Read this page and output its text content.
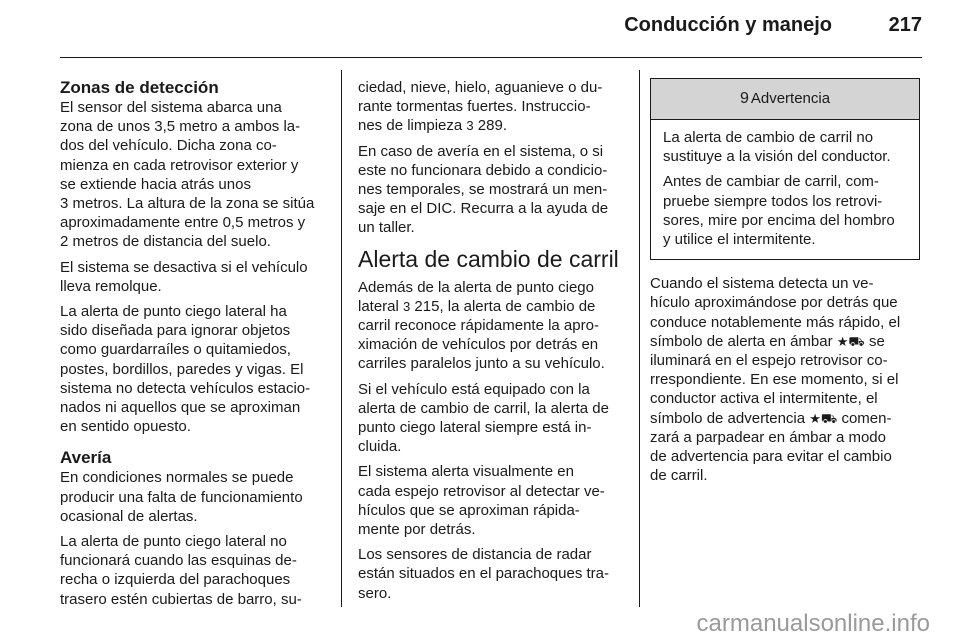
Conducción y manejo	217
Zonas de detección

El sensor del sistema abarca una
zona de unos 3,5 metro a ambos la-
dos del vehículo. Dicha zona co-
mienza en cada retrovisor exterior y
se extiende hacia atrás unos
3 metros. La altura de la zona se sitúa
aproximadamente entre 0,5 metros y
2 metros de distancia del suelo.

El sistema se desactiva si el vehículo
lleva remolque.

La alerta de punto ciego lateral ha
sido diseñada para ignorar objetos
como guardarraíles o quitamiedos,
postes, bordillos, paredes y vigas. El
sistema no detecta vehículos estacio-
nados ni aquellos que se aproximan
en sentido opuesto.

Avería

En condiciones normales se puede
producir una falta de funcionamiento
ocasional de alertas.

La alerta de punto ciego lateral no
funcionará cuando las esquinas de-
recha o izquierda del parachoques
trasero estén cubiertas de barro, su-

ciedad, nieve, hielo, aguanieve o du-
rante tormentas fuertes. Instruccio-
nes de limpieza 3 289.

En caso de avería en el sistema, o si
este no funcionara debido a condicio-
nes temporales, se mostrará un men-
saje en el DIC. Recurra a la ayuda de
un taller.

Alerta de cambio de carril

Además de la alerta de punto ciego
lateral 3 215, la alerta de cambio de
carril reconoce rápidamente la apro-
ximación de vehículos por detrás en
carriles paralelos junto a su vehículo.

Si el vehículo está equipado con la
alerta de cambio de carril, la alerta de
punto ciego lateral siempre está in-
cluida.

El sistema alerta visualmente en
cada espejo retrovisor al detectar ve-
hículos que se aproximan rápida-
mente por detrás.

Los sensores de distancia de radar
están situados en el parachoques tra-
sero.

9 Advertencia

La alerta de cambio de carril no
sustituye a la visión del conductor.

Antes de cambiar de carril, com-
pruebe siempre todos los retrovi-
sores, mire por encima del hombro
y utilice el intermitente.

Cuando el sistema detecta un ve-
hículo aproximándose por detrás que
conduce notablemente más rápido, el
símbolo de alerta en ámbar ★⛟ se
iluminará en el espejo retrovisor co-
rrespondiente. En ese momento, si el
conductor activa el intermitente, el
símbolo de advertencia ★⛟ comen-
zará a parpadear en ámbar a modo
de advertencia para evitar el cambio
de carril.

carmanualsonline.info
